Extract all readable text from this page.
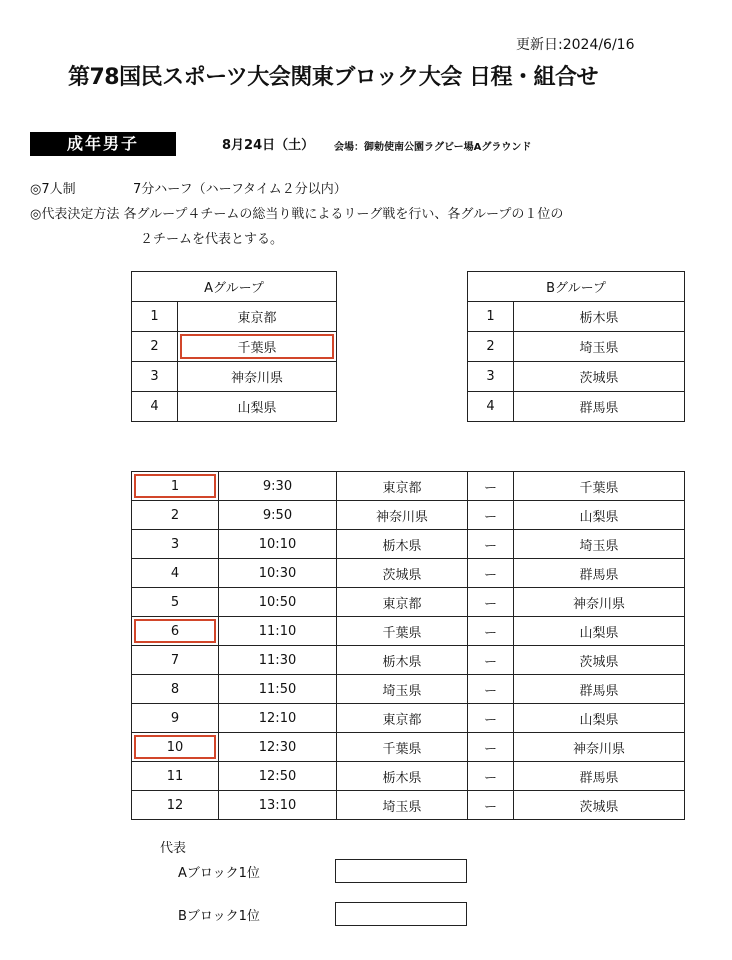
更新日:2024/6/16
第78国民スポーツ大会関東ブロック大会 日程・組合せ
成年男子	8月24日（土） 会場：御勅使南公園ラグビー場Aグラウンド
◎7人制	7分ハーフ（ハーフタイム２分以内）
◎代表決定方法 各グループ４チームの総当り戦によるリーグ戦を行い、各グループの１位の
２チームを代表とする。
Aグループ	
1	東京都
2	千葉県
3	神奈川県
4	山梨県
Bグループ	
1	栃木県
2	埼玉県
3	茨城県
4	群馬県
1	9:30	東京都	ー	千葉県
2	9:50	神奈川県	ー	山梨県
3	10:10	栃木県	ー	埼玉県
4	10:30	茨城県	ー	群馬県
5	10:50	東京都	ー	神奈川県
6	11:10	千葉県	ー	山梨県
7	11:30	栃木県	ー	茨城県
8	11:50	埼玉県	ー	群馬県
9	12:10	東京都	ー	山梨県
10	12:30	千葉県	ー	神奈川県
11	12:50	栃木県	ー	群馬県
12	13:10	埼玉県	ー	茨城県
代表
Aブロック1位
Bブロック1位
